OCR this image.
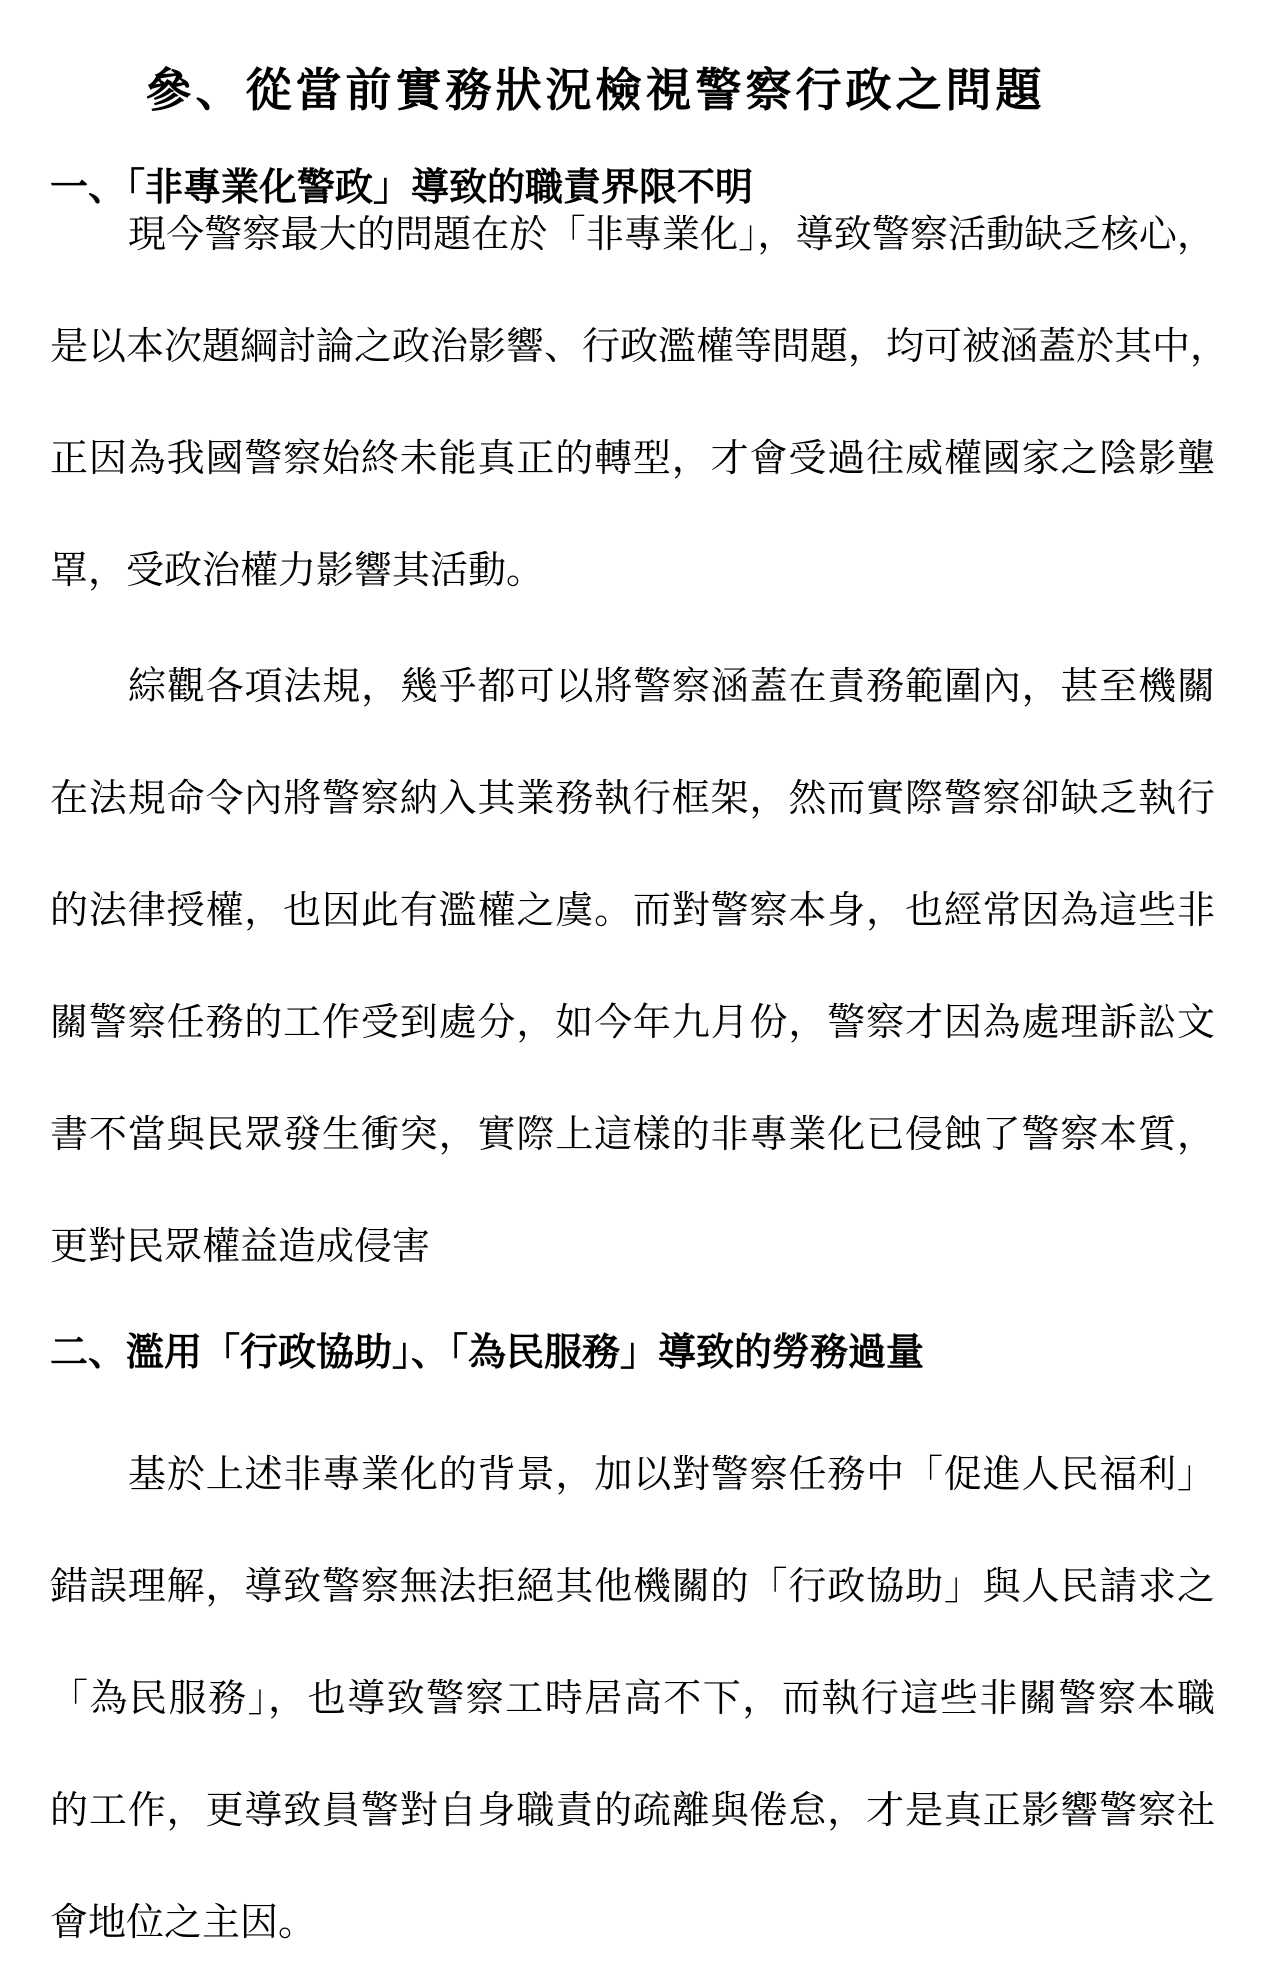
參、從當前實務狀況檢視警察行政之問題
一、「非專業化警政」導致的職責界限不明
現今警察最大的問題在於「非專業化」，導致警察活動缺乏核心，
是以本次題綱討論之政治影響、行政濫權等問題，均可被涵蓋於其中，
正因為我國警察始終未能真正的轉型，才會受過往威權國家之陰影壟
罩，受政治權力影響其活動。
綜觀各項法規，幾乎都可以將警察涵蓋在責務範圍內，甚至機關
在法規命令內將警察納入其業務執行框架，然而實際警察卻缺乏執行
的法律授權，也因此有濫權之虞。而對警察本身，也經常因為這些非
關警察任務的工作受到處分，如今年九月份，警察才因為處理訴訟文
書不當與民眾發生衝突，實際上這樣的非專業化已侵蝕了警察本質，
更對民眾權益造成侵害
二、濫用「行政協助」、「為民服務」導致的勞務過量
基於上述非專業化的背景，加以對警察任務中「促進人民福利」
錯誤理解，導致警察無法拒絕其他機關的「行政協助」與人民請求之
「為民服務」，也導致警察工時居高不下，而執行這些非關警察本職
的工作，更導致員警對自身職責的疏離與倦怠，才是真正影響警察社
會地位之主因。
